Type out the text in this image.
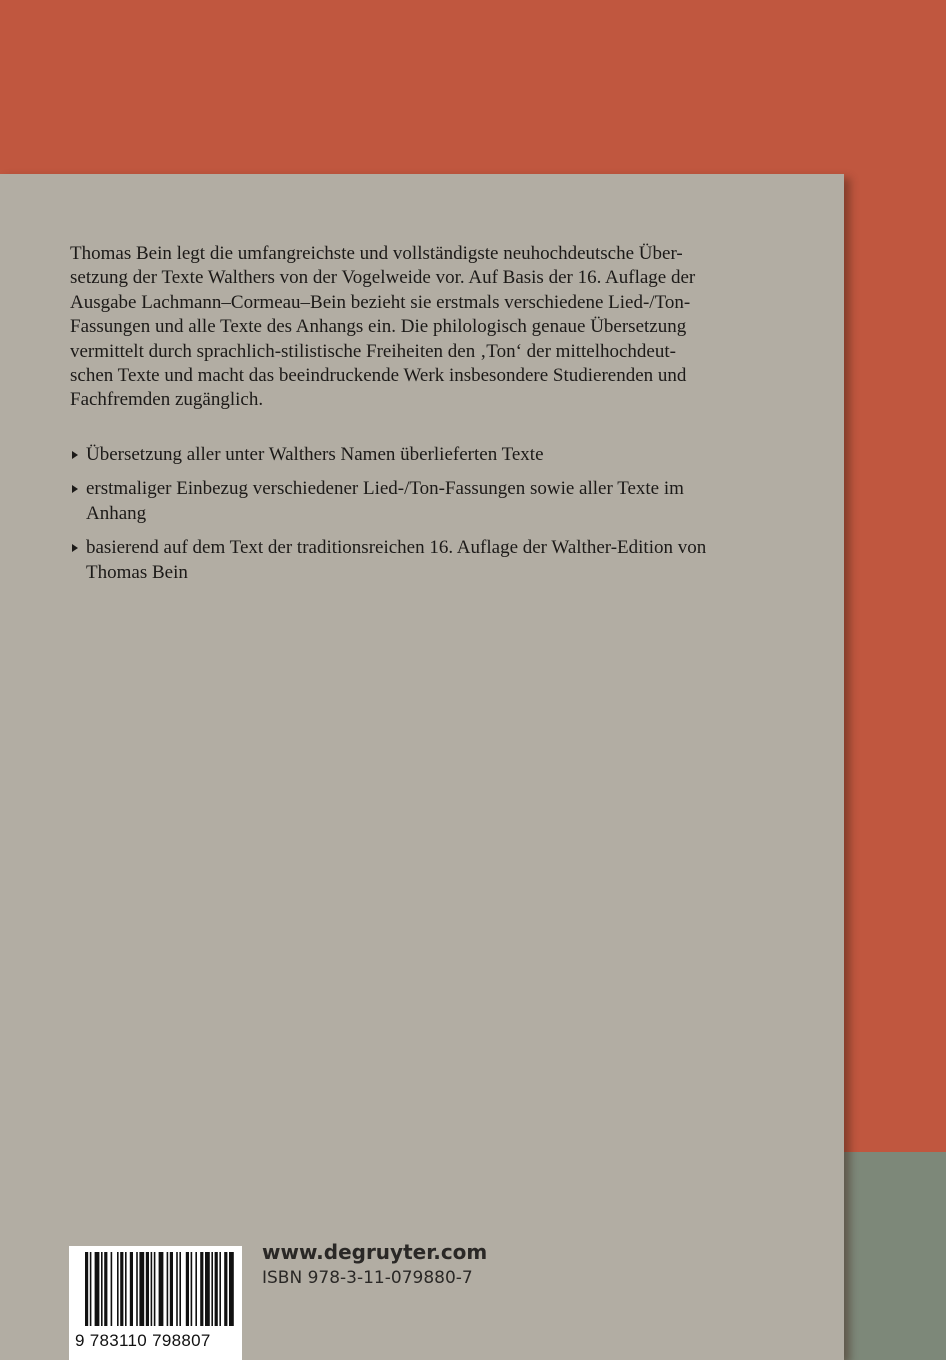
Thomas Bein legt die umfangreichste und vollständigste neuhochdeutsche Über-
setzung der Texte Walthers von der Vogelweide vor. Auf Basis der 16. Auflage der
Ausgabe Lachmann–Cormeau–Bein bezieht sie erstmals verschiedene Lied-/Ton-
Fassungen und alle Texte des Anhangs ein. Die philologisch genaue Übersetzung
vermittelt durch sprachlich-stilistische Freiheiten den ‚Ton‘ der mittelhochdeut-
schen Texte und macht das beeindruckende Werk insbesondere Studierenden und
Fachfremden zugänglich.

Übersetzung aller unter Walthers Namen überlieferten Texte
erstmaliger Einbezug verschiedener Lied-/Ton-Fassungen sowie aller Texte im
Anhang
basierend auf dem Text der traditionsreichen 16. Auflage der Walther-Edition von
Thomas Bein
9 783110 798807
www.degruyter.com
ISBN 978-3-11-079880-7
